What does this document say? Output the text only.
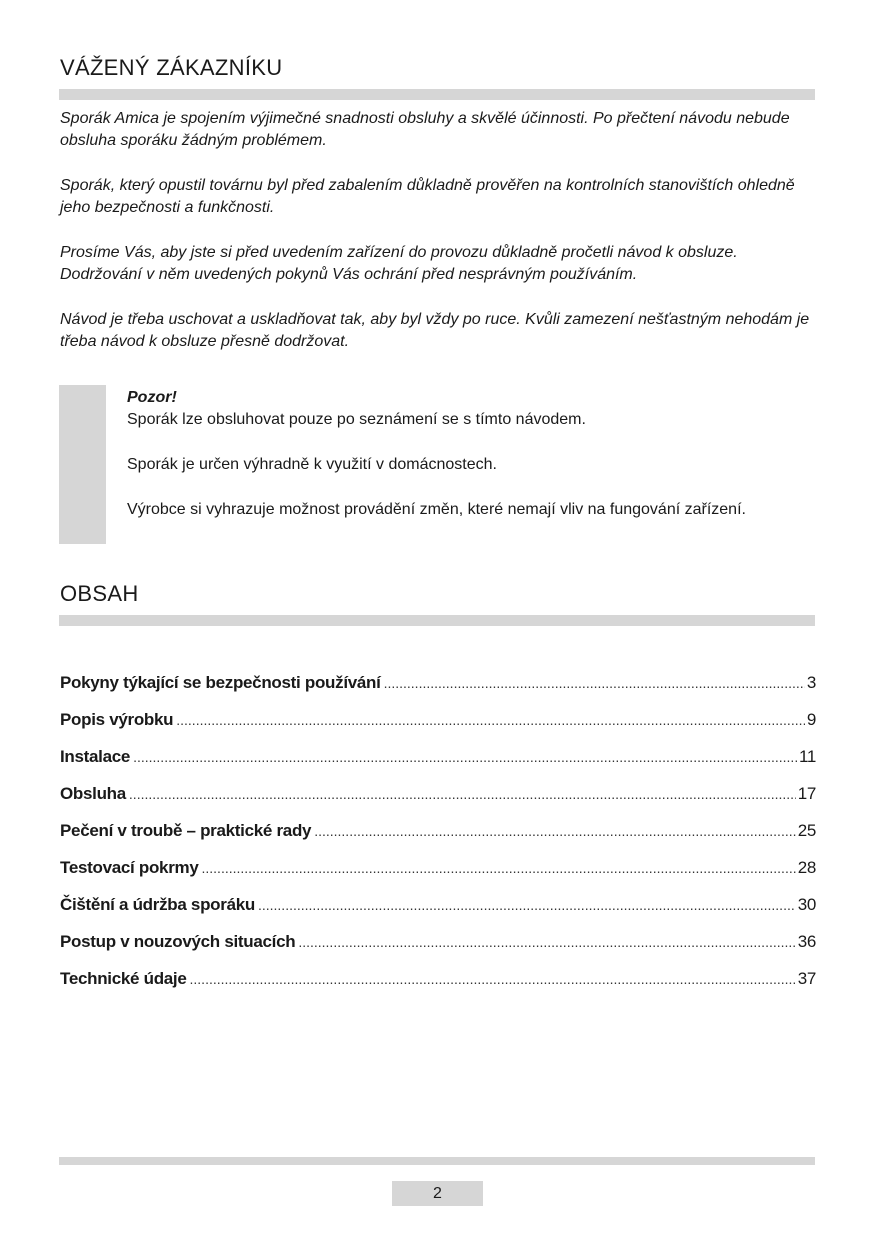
VÁŽENÝ ZÁKAZNÍKU

Sporák Amica je spojením výjimečné snadnosti obsluhy a skvělé účinnosti. Po přečtení návodu nebude obsluha sporáku žádným problémem.

Sporák, který opustil továrnu byl před zabalením důkladně prověřen na kontrolních stanovištích ohledně jeho bezpečnosti a funkčnosti.

Prosíme Vás, aby jste si před uvedením zařízení do provozu důkladně pročetli návod k obsluze. Dodržování v něm uvedených pokynů Vás ochrání před nesprávným používáním.

Návod je třeba uschovat a uskladňovat tak, aby byl vždy po ruce. Kvůli zamezení nešťastným nehodám je třeba návod k obsluze přesně dodržovat.

Pozor!

Sporák lze obsluhovat pouze po seznámení se s tímto návodem.

Sporák je určen výhradně k využití v domácnostech.

Výrobce si vyhrazuje možnost provádění změn, které nemají vliv na fungování zařízení.

OBSAH
Pokyny týkající se bezpečnosti používání .....	3
Popis výrobku .....	9
Instalace .....	11
Obsluha .....	17
Pečení v troubě – praktické rady .....	25
Testovací pokrmy .....	28
Čištění a údržba sporáku .....	30
Postup v nouzových situacích .....	36
Technické údaje .....	37
2
